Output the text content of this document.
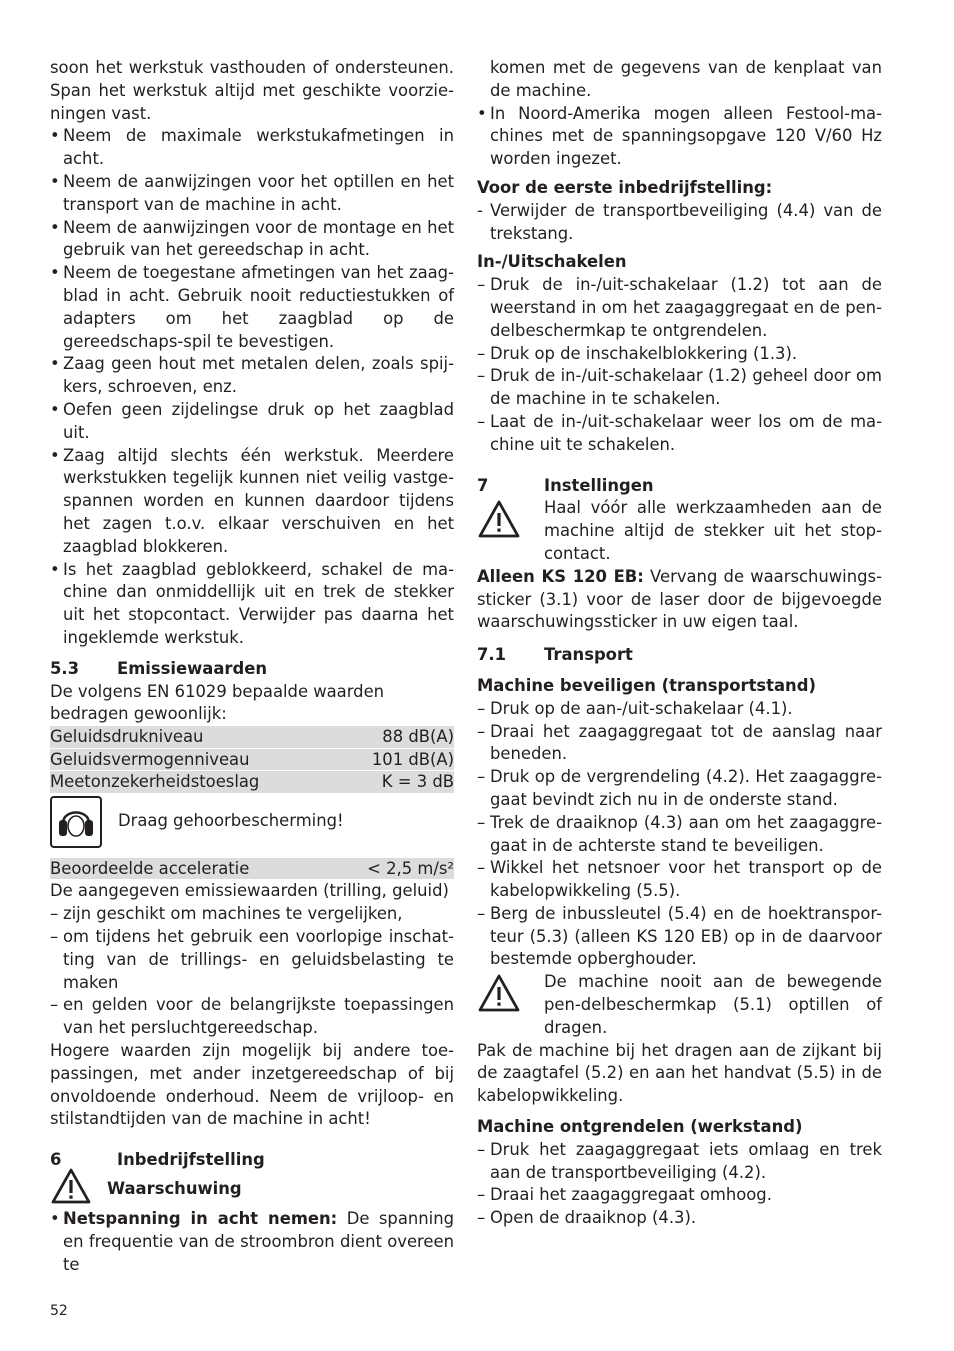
soon het werkstuk vasthouden of ondersteunen. Span het werkstuk altijd met geschikte voorzie-ningen vast.

• Neem de maximale werkstukafmetingen in acht.

• Neem de aanwijzingen voor het optillen en het transport van de machine in acht.

• Neem de aanwijzingen voor de montage en het gebruik van het gereedschap in acht.

• Neem de toegestane afmetingen van het zaag-blad in acht. Gebruik nooit reductiestukken of adapters om het zaagblad op de gereedschaps-spil te bevestigen.

• Zaag geen hout met metalen delen, zoals spij-kers, schroeven, enz.

• Oefen geen zijdelingse druk op het zaagblad uit.

• Zaag altijd slechts één werkstuk. Meerdere werkstukken tegelijk kunnen niet veilig vastge-spannen worden en kunnen daardoor tijdens het zagen t.o.v. elkaar verschuiven en het zaagblad blokkeren.

• Is het zaagblad geblokkeerd, schakel de ma-chine dan onmiddellijk uit en trek de stekker uit het stopcontact. Verwijder pas daarna het ingeklemde werkstuk.

5.3	Emissiewaarden

De volgens EN 61029 bepaalde waarden bedragen gewoonlijk:

Geluidsdrukniveau	88 dB(A)
Geluidsvermogenniveau	101 dB(A)
Meetonzekerheidstoeslag	K = 3 dB
Draag gehoorbescherming!
Beoordeelde acceleratie	< 2,5 m/s²

De aangegeven emissiewaarden (trilling, geluid)

– zijn geschikt om machines te vergelijken,

– om tijdens het gebruik een voorlopige inschat-ting van de trillings- en geluidsbelasting te maken

– en gelden voor de belangrijkste toepassingen van het persluchtgereedschap.

Hogere waarden zijn mogelijk bij andere toe-passingen, met ander inzetgereedschap of bij onvoldoende onderhoud. Neem de vrijloop- en stilstandtijden van de machine in acht!

6	Inbedrijfstelling

Waarschuwing

• Netspanning in acht nemen: De spanning en frequentie van de stroombron dient overeen te

komen met de gegevens van de kenplaat van de machine.

• In Noord-Amerika mogen alleen Festool-ma-chines met de spanningsopgave 120 V/60 Hz worden ingezet.

Voor de eerste inbedrijfstelling:

- Verwijder de transportbeveiliging (4.4) van de trekstang.

In-/Uitschakelen

– Druk de in-/uit-schakelaar (1.2) tot aan de weerstand in om het zaagaggregaat en de pen-delbeschermkap te ontgrendelen.

– Druk op de inschakelblokkering (1.3).

– Druk de in-/uit-schakelaar (1.2) geheel door om de machine in te schakelen.

– Laat de in-/uit-schakelaar weer los om de ma-chine uit te schakelen.

7	Instellingen

Haal vóór alle werkzaamheden aan de machine altijd de stekker uit het stop-contact.

Alleen KS 120 EB: Vervang de waarschuwings-sticker (3.1) voor de laser door de bijgevoegde waarschuwingssticker in uw eigen taal.

7.1	Transport

Machine beveiligen (transportstand)

– Druk op de aan-/uit-schakelaar (4.1).

– Draai het zaagaggregaat tot de aanslag naar beneden.

– Druk op de vergrendeling (4.2). Het zaagaggre-gaat bevindt zich nu in de onderste stand.

– Trek de draaiknop (4.3) aan om het zaagaggre-gaat in de achterste stand te beveiligen.

– Wikkel het netsnoer voor het transport op de kabelopwikkeling (5.5).

– Berg de inbussleutel (5.4) en de hoektranspor-teur (5.3) (alleen KS 120 EB) op in de daarvoor bestemde opberghouder.

De machine nooit aan de bewegende pen-delbeschermkap (5.1) optillen of dragen.

Pak de machine bij het dragen aan de zijkant bij de zaagtafel (5.2) en aan het handvat (5.5) in de kabelopwikkeling.

Machine ontgrendelen (werkstand)

– Druk het zaagaggregaat iets omlaag en trek aan de transportbeveiliging (4.2).

– Draai het zaagaggregaat omhoog.

– Open de draaiknop (4.3).

52
